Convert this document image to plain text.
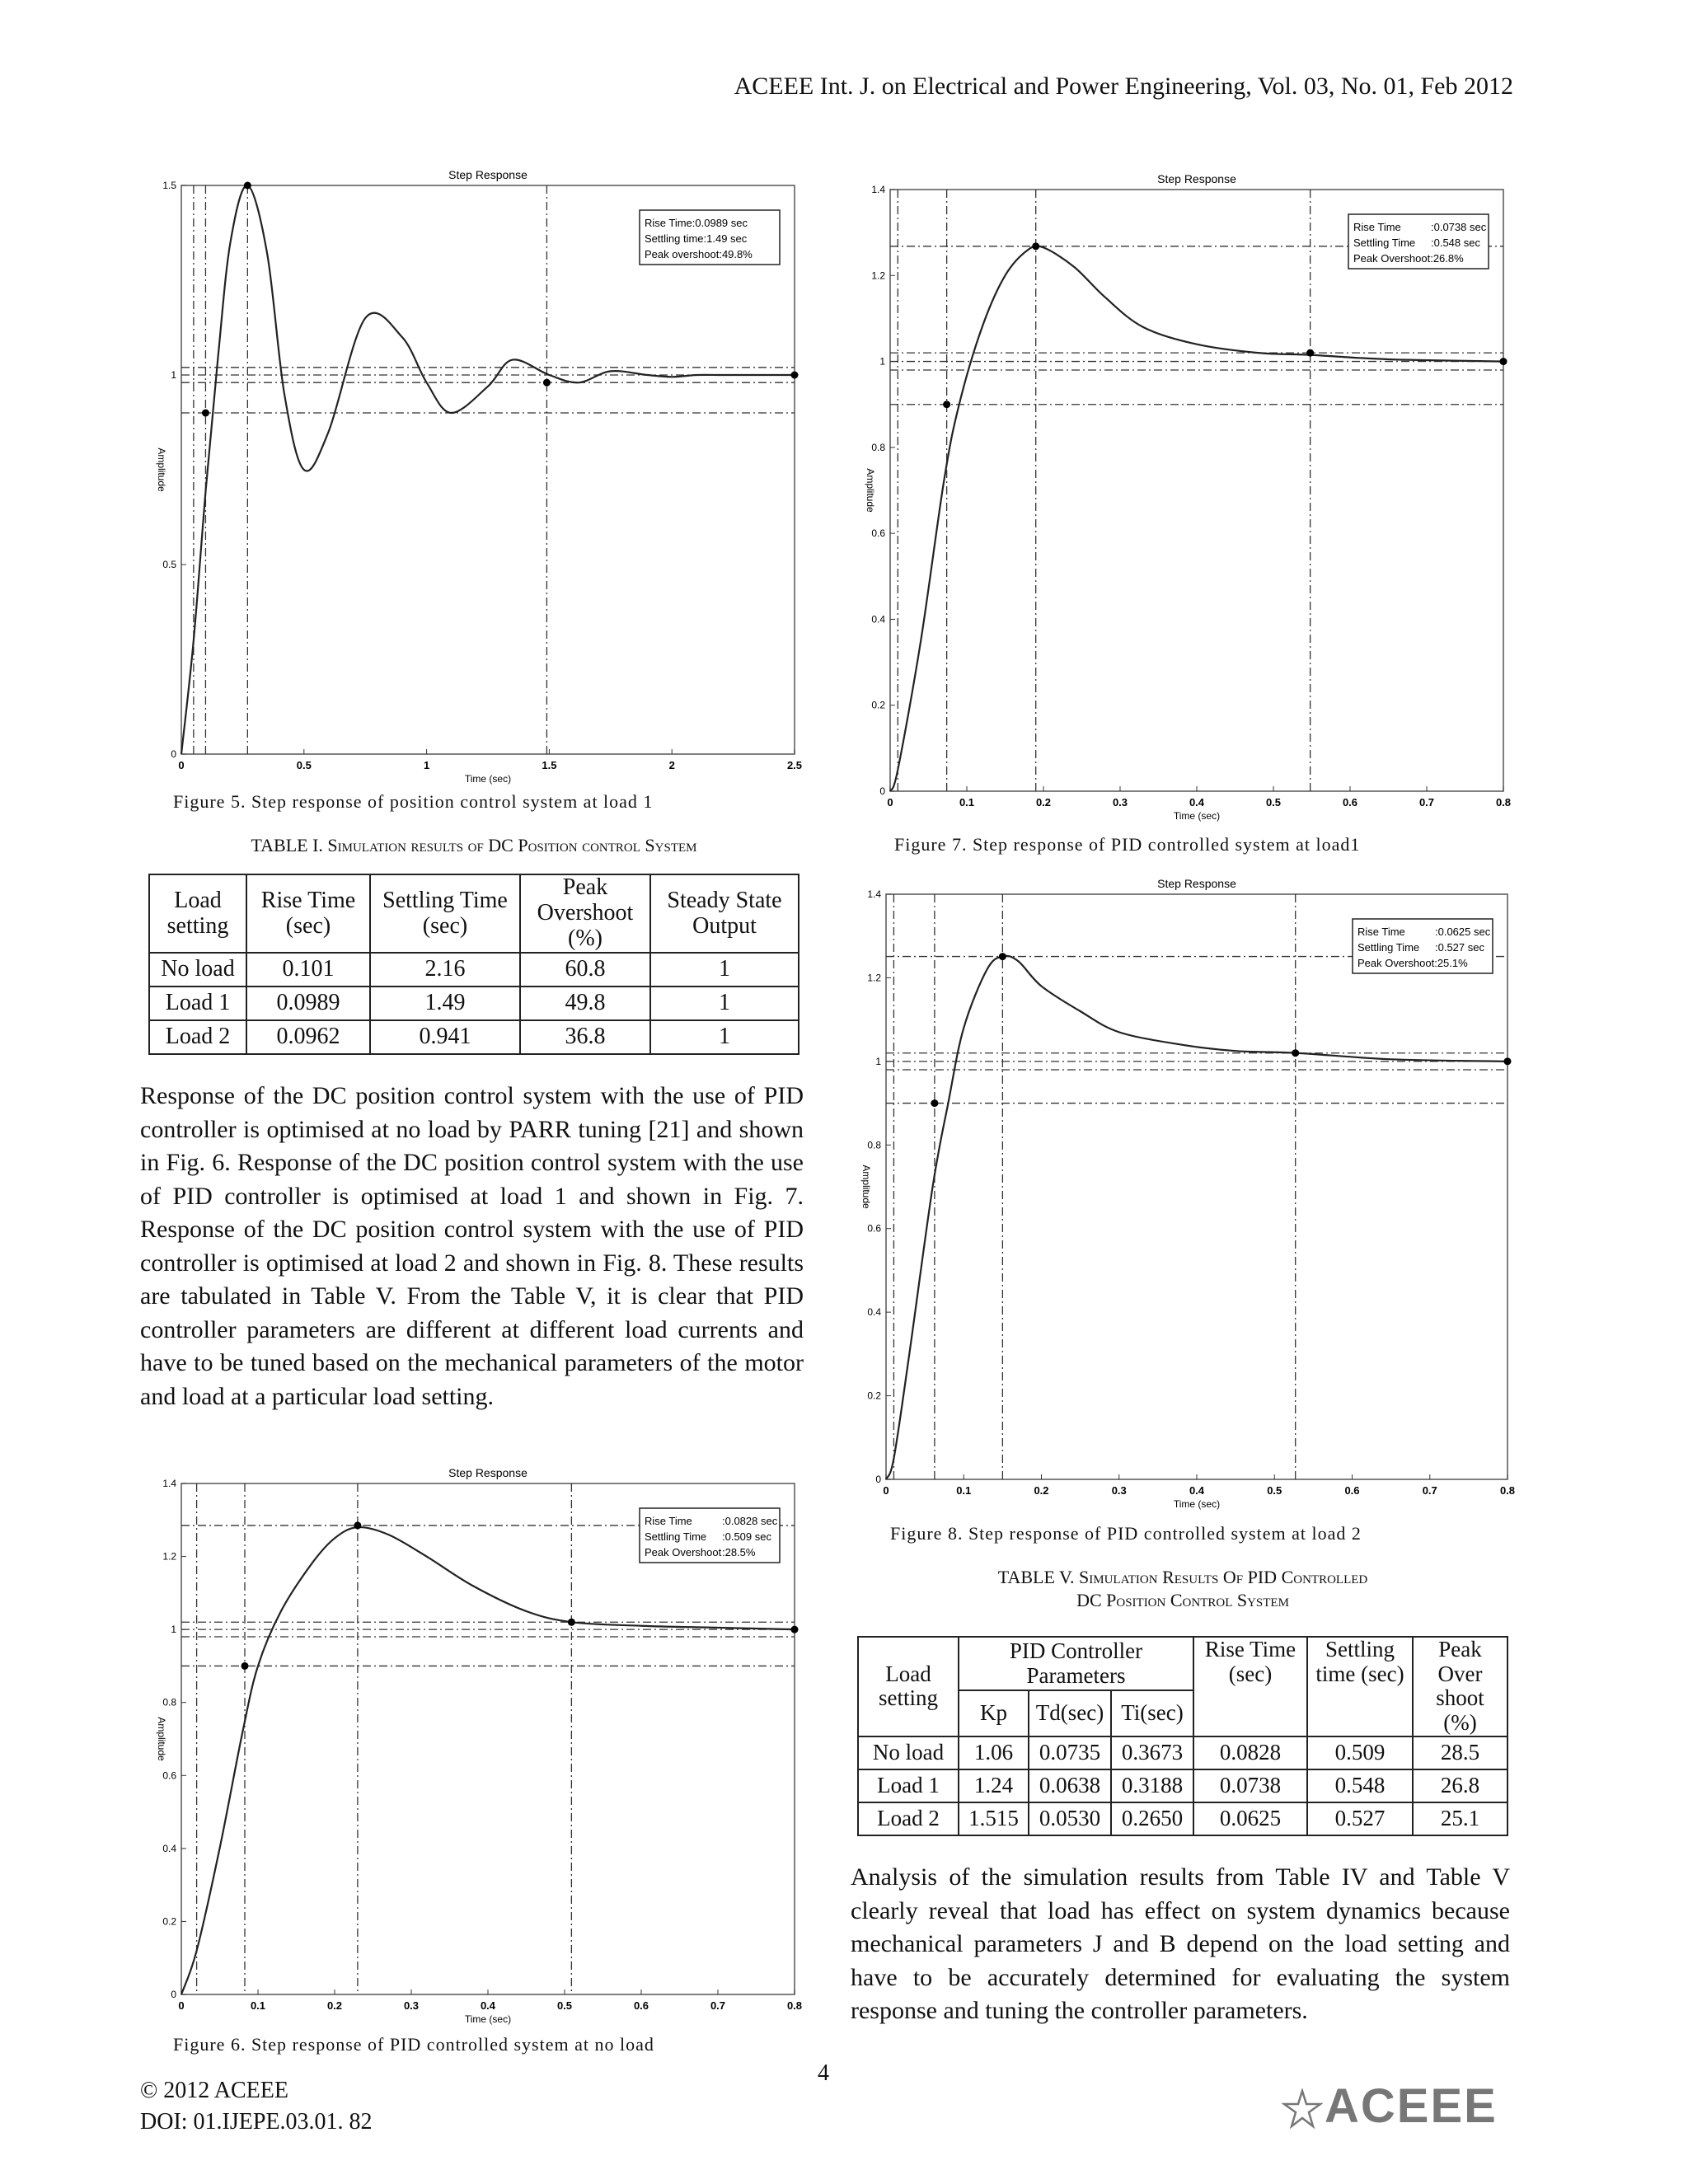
ACEEE Int. J. on Electrical and Power Engineering, Vol. 03, No. 01, Feb 2012
Step Response
0	0.5	1	1.5	2	2.5
0
0.5
1
1.5
Time (sec)
Amplitude
Rise Time:0.0989 sec
Settling time:1.49 sec
Peak overshoot:49.8%
Figure 5. Step response of position control system at load 1
TABLE I. Simulation results of DC Position control System
Load setting	Rise Time (sec)	Settling Time (sec)	Peak Overshoot (%)	Steady State Output
No load	0.101	2.16	60.8	1
Load 1	0.0989	1.49	49.8	1
Load 2	0.0962	0.941	36.8	1
Response of the DC position control system with the use of PID controller is optimised at no load by PARR tuning [21] and shown in Fig. 6. Response of the DC position control system with the use of PID controller is optimised at load 1 and shown in Fig. 7. Response of the DC position control system with the use of PID controller is optimised at load 2 and shown in Fig. 8. These results are tabulated in Table V. From the Table V, it is clear that PID controller parameters are different at different load currents and have to be tuned based on the mechanical parameters of the motor and load at a particular load setting.
Step Response
0	0.1	0.2	0.3	0.4	0.5	0.6	0.7	0.8
0
0.2
0.4
0.6
0.8
1
1.2
1.4
Time (sec)
Amplitude
Rise Time	:0.0828 sec
Settling Time :0.509 sec
Peak Overshoot :28.5%
Figure 6. Step response of PID controlled system at no load
Step Response
0	0.1	0.2	0.3	0.4	0.5	0.6	0.7	0.8
0
0.2
0.4
0.6
0.8
1
1.2
1.4
Time (sec)
Amplitude
Rise Time	:0.0738 sec
Settling Time :0.548 sec
Peak Overshoot:26.8%
Figure 7. Step response of PID controlled system at load1
Step Response
0	0.1	0.2	0.3	0.4	0.5	0.6	0.7	0.8
0
0.2
0.4
0.6
0.8
1
1.2
1.4
Time (sec)
Amplitude
Rise Time	:0.0625 sec
Settling Time :0.527 sec
Peak Overshoot:25.1%
Figure 8. Step response of PID controlled system at load 2
TABLE V. Simulation Results Of PID Controlled
DC Position Control System
Load setting	PID Controller Parameters			Rise Time (sec)	Settling time (sec)	Peak Over shoot (%)
	Kp	Td(sec)	Ti(sec)			
No load	1.06	0.0735	0.3673	0.0828	0.509	28.5
Load 1	1.24	0.0638	0.3188	0.0738	0.548	26.8
Load 2	1.515	0.0530	0.2650	0.0625	0.527	25.1
Analysis of the simulation results from Table IV and Table V clearly reveal that load has effect on system dynamics because mechanical parameters J and B depend on the load setting and have to be accurately determined for evaluating the system response and tuning the controller parameters.
© 2012 ACEEE
DOI: 01.IJEPE.03.01. 82
4
ACEEE
